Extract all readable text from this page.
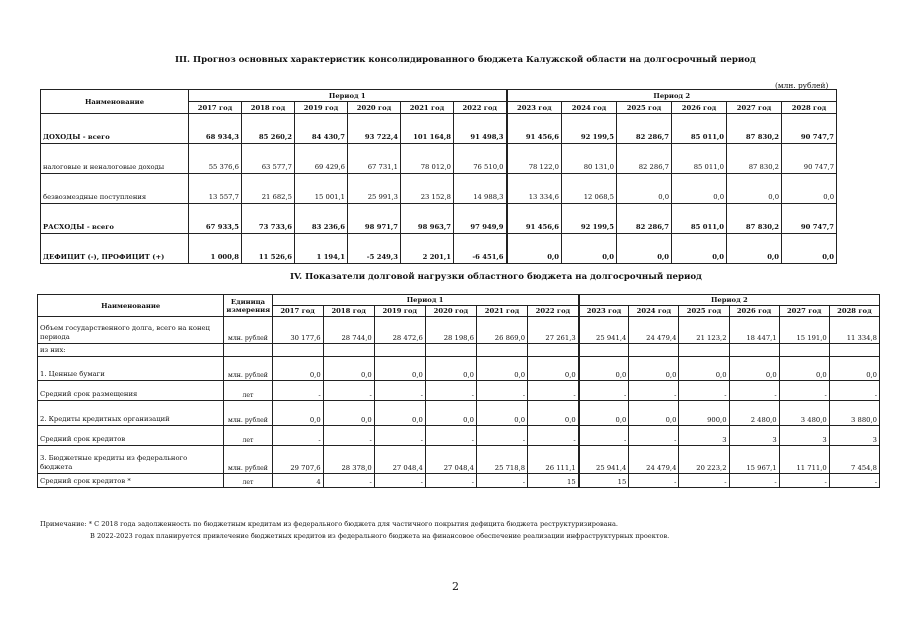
III. Прогноз основных характеристик консолидированного бюджета Калужской области на долгосрочный период
(млн. рублей)
Наименование	Период 1						Период 2					
	2017 год	2018 год	2019 год	2020 год	2021 год	2022 год	2023 год	2024 год	2025 год	2026 год	2027 год	2028 год
ДОХОДЫ - всего	68 934,3	85 260,2	84 430,7	93 722,4	101 164,8	91 498,3	91 456,6	92 199,5	82 286,7	85 011,0	87 830,2	90 747,7
налоговые и неналоговые доходы	55 376,6	63 577,7	69 429,6	67 731,1	78 012,0	76 510,0	78 122,0	80 131,0	82 286,7	85 011,0	87 830,2	90 747,7
безвозмездные поступления	13 557,7	21 682,5	15 001,1	25 991,3	23 152,8	14 988,3	13 334,6	12 068,5	0,0	0,0	0,0	0,0
РАСХОДЫ - всего	67 933,5	73 733,6	83 236,6	98 971,7	98 963,7	97 949,9	91 456,6	92 199,5	82 286,7	85 011,0	87 830,2	90 747,7
ДЕФИЦИТ (-), ПРОФИЦИТ (+)	1 000,8	11 526,6	1 194,1	-5 249,3	2 201,1	-6 451,6	0,0	0,0	0,0	0,0	0,0	0,0
IV. Показатели долговой нагрузки областного бюджета на долгосрочный период
Наименование	Единица измерения	Период 1						Период 2					
		2017 год	2018 год	2019 год	2020 год	2021 год	2022 год	2023 год	2024 год	2025 год	2026 год	2027 год	2028 год
Объем государственного долга, всего на конец периода	млн. рублей	30 177,6	28 744,0	28 472,6	28 198,6	26 869,0	27 261,3	25 941,4	24 479,4	21 123,2	18 447,1	15 191,0	11 334,8
из них:													
1. Ценные бумаги	млн. рублей	0,0	0,0	0,0	0,0	0,0	0,0	0,0	0,0	0,0	0,0	0,0	0,0
Средний срок размещения	лет	-	-	-	-	-	-	-	-	-	-	-	-
2. Кредиты кредитных организаций	млн. рублей	0,0	0,0	0,0	0,0	0,0	0,0	0,0	0,0	900,0	2 480,0	3 480,0	3 880,0
Средний срок кредитов	лет	-	-	-	-	-	-	-	-	3	3	3	3
3. Бюджетные кредиты из федерального бюджета	млн. рублей	29 707,6	28 378,0	27 048,4	27 048,4	25 718,8	26 111,1	25 941,4	24 479,4	20 223,2	15 967,1	11 711,0	7 454,8
Средний срок кредитов *	лет	4	-	-	-	-	15	15	-	-	-	-	-
Примечание: * С 2018 года задолженность по бюджетным кредитам из федерального бюджета для частичного покрытия дефицита бюджета реструктуризирована.
В 2022-2023 годах планируется привлечение бюджетных кредитов из федерального бюджета на финансовое обеспечение реализации инфраструктурных проектов.
2
